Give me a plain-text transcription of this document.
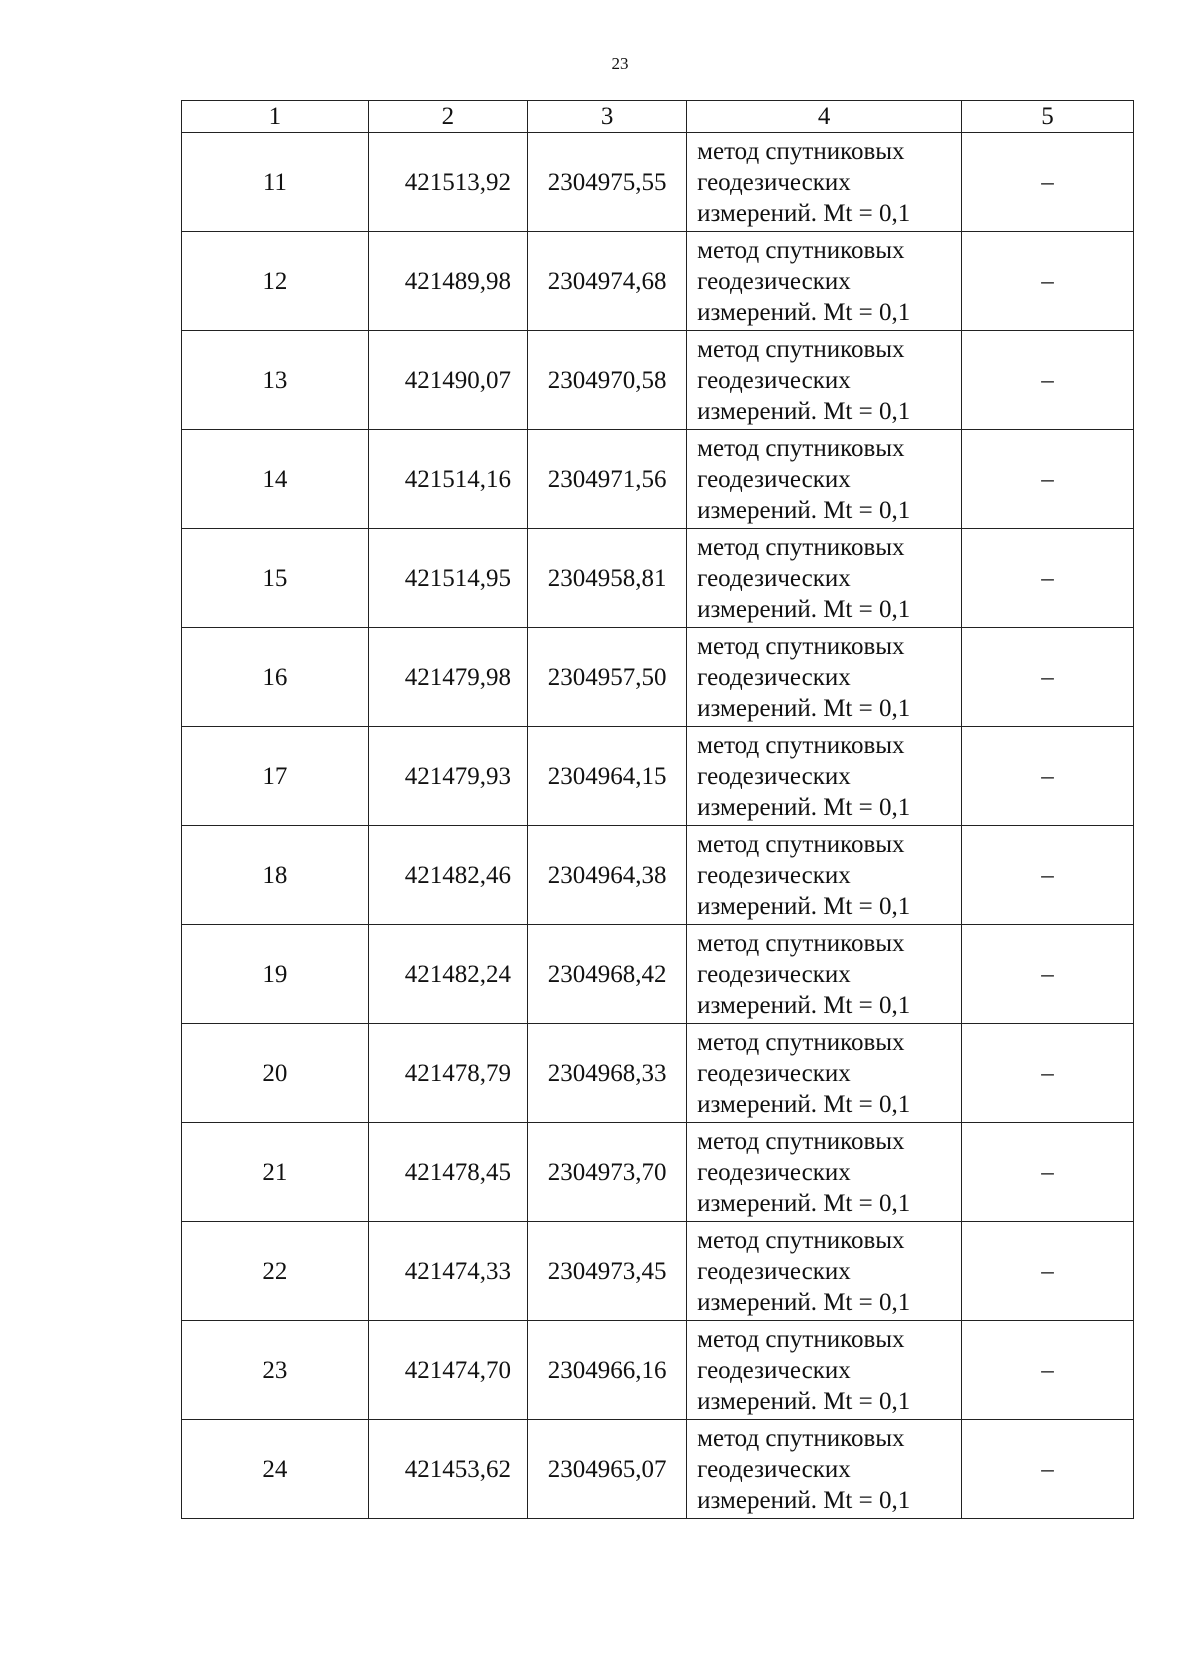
23
1	2	3	4	5
11	421513,92	2304975,55	метод спутниковых
геодезических
измерений. Mt = 0,1	–
12	421489,98	2304974,68	метод спутниковых
геодезических
измерений. Mt = 0,1	–
13	421490,07	2304970,58	метод спутниковых
геодезических
измерений. Mt = 0,1	–
14	421514,16	2304971,56	метод спутниковых
геодезических
измерений. Mt = 0,1	–
15	421514,95	2304958,81	метод спутниковых
геодезических
измерений. Mt = 0,1	–
16	421479,98	2304957,50	метод спутниковых
геодезических
измерений. Mt = 0,1	–
17	421479,93	2304964,15	метод спутниковых
геодезических
измерений. Mt = 0,1	–
18	421482,46	2304964,38	метод спутниковых
геодезических
измерений. Mt = 0,1	–
19	421482,24	2304968,42	метод спутниковых
геодезических
измерений. Mt = 0,1	–
20	421478,79	2304968,33	метод спутниковых
геодезических
измерений. Mt = 0,1	–
21	421478,45	2304973,70	метод спутниковых
геодезических
измерений. Mt = 0,1	–
22	421474,33	2304973,45	метод спутниковых
геодезических
измерений. Mt = 0,1	–
23	421474,70	2304966,16	метод спутниковых
геодезических
измерений. Mt = 0,1	–
24	421453,62	2304965,07	метод спутниковых
геодезических
измерений. Mt = 0,1	–
